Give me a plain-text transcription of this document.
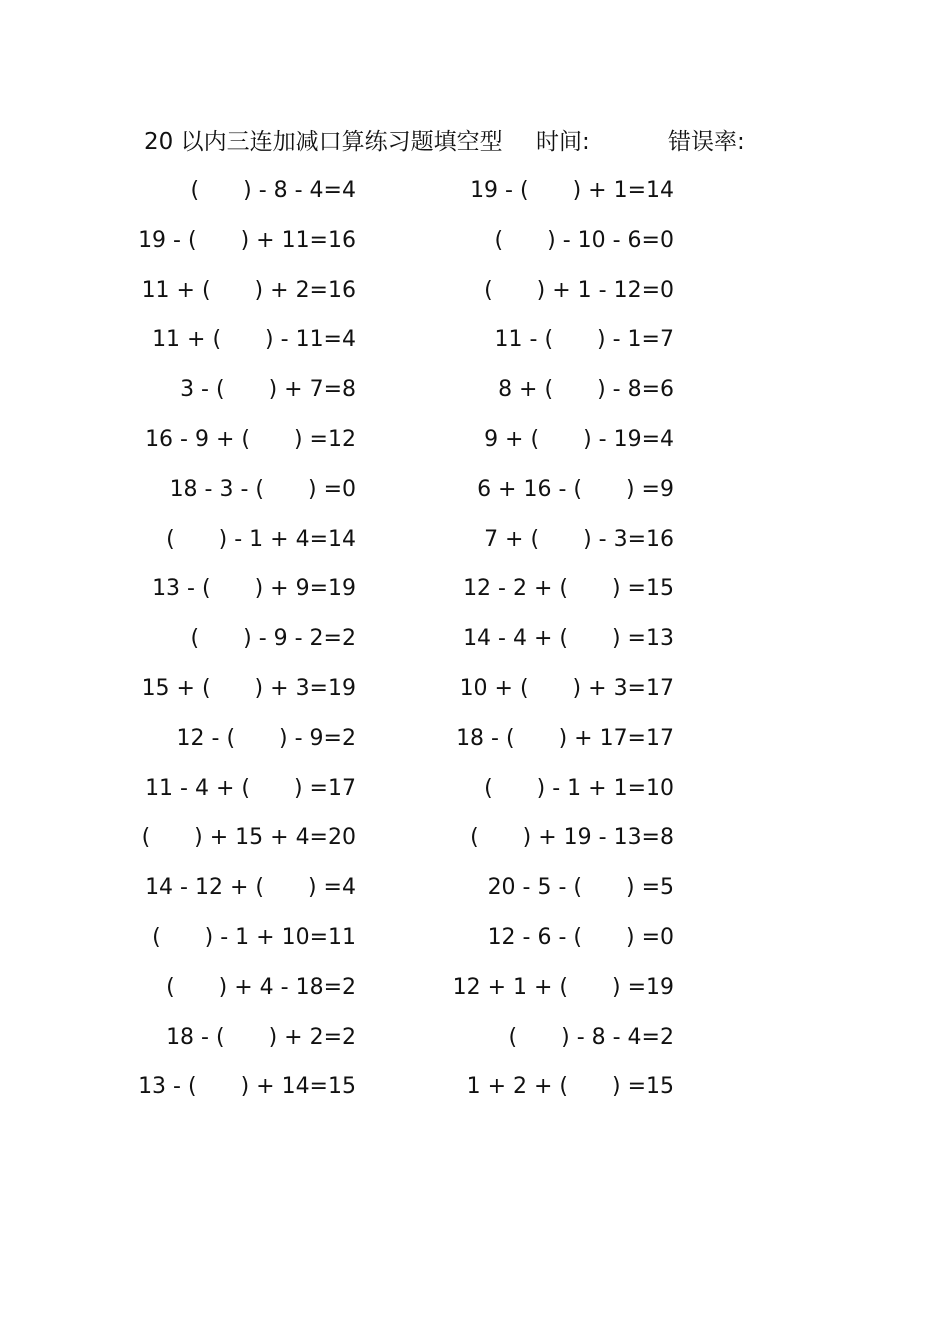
20 以内三连加减口算练习题填空型 时间:	错误率:
(　　) - 8 - 4=4	19 - (　　) + 1=14
19 - (　　) + 11=16	(　　) - 10 - 6=0
11 + (　　) + 2=16	(　　) + 1 - 12=0
11 + (　　) - 11=4	11 - (　　) - 1=7
3 - (　　) + 7=8	8 + (　　) - 8=6
16 - 9 + (　　) =12	9 + (　　) - 19=4
18 - 3 - (　　) =0	6 + 16 - (　　) =9
(　　) - 1 + 4=14	7 + (　　) - 3=16
13 - (　　) + 9=19	12 - 2 + (　　) =15
(　　) - 9 - 2=2	14 - 4 + (　　) =13
15 + (　　) + 3=19	10 + (　　) + 3=17
12 - (　　) - 9=2	18 - (　　) + 17=17
11 - 4 + (　　) =17	(　　) - 1 + 1=10
(　　) + 15 + 4=20	(　　) + 19 - 13=8
14 - 12 + (　　) =4	20 - 5 - (　　) =5
(　　) - 1 + 10=11	12 - 6 - (　　) =0
(　　) + 4 - 18=2	12 + 1 + (　　) =19
18 - (　　) + 2=2	(　　) - 8 - 4=2
13 - (　　) + 14=15	1 + 2 + (　　) =15
